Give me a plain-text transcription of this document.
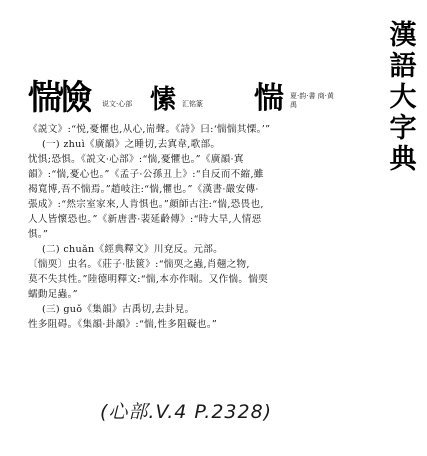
漢
語
大
字
典
惴憸 说文·心部 愫 汇铭篆 惴 夏·韵·書 商·黄禹
《説文》:“悦,憂懼也,从心,耑聲。《詩》曰:‘惴惴其慄。’”
(一) zhuì《廣韻》之睡切,去寘韋,歌部。
忧惧;恐惧。《説文·心部》:“惴,憂懼也。”《廣韻·寘
韻》:“惴,憂心也。”《孟子·公孫丑上》:“自反而不縮,雖
褐寬博,吾不惴焉。”趙岐注:“惴,懼也。”《漢書·嚴安傳·
張成》:“然宗室家來,人肯惧也。”顔師古注:“惴,恐畏也,
人人皆懷恐也。”《新唐書·裴延齡傳》:“時大旱,人情惡
惧。”
(二) chuǎn《經典釋文》川兗反。元部。
〔惴耎〕虫名。《莊子·胠篋》:“惴耎之蟲,肖翹之物,
莫不失其性。”陸德明釋文:“惴,本亦作喘。又作惴。惴耎
蠕動足蟲。”
(三) guǒ《集韻》古禹切,去卦見。
性多阻碍。《集韻·卦韻》:“惴,性多阻礙也。”
(心部.V.4 P.2328)
